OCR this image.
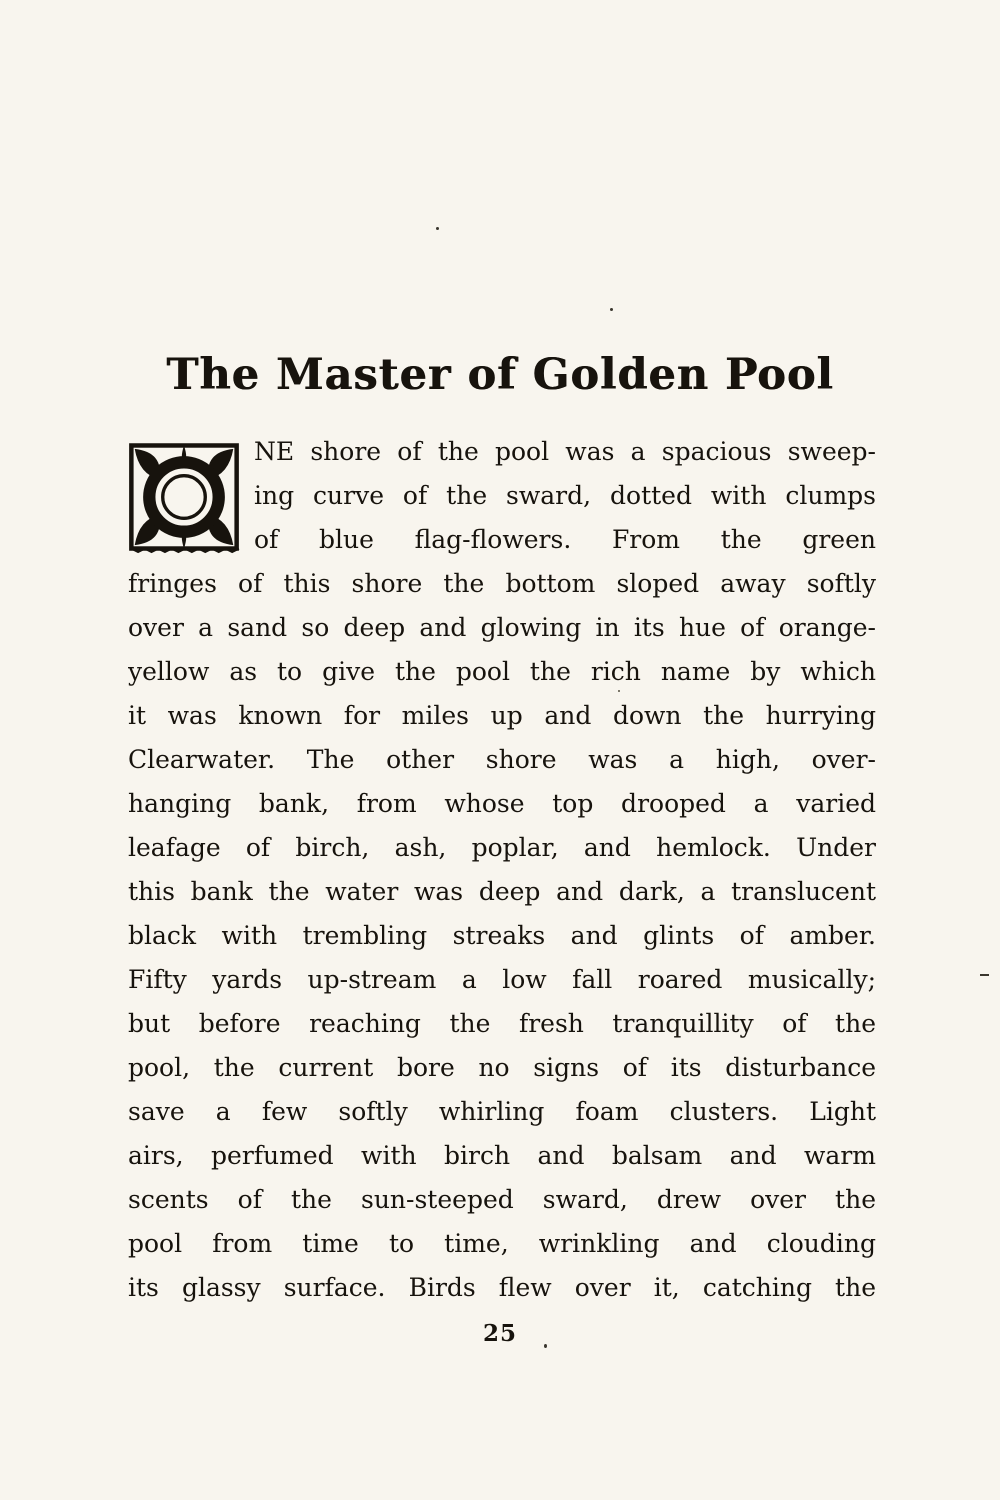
The Master of Golden Pool
NE shore of the pool was a spacious sweep-
ing curve of the sward, dotted with clumps
of blue flag-flowers. From the green
fringes of this shore the bottom sloped away softly
over a sand so deep and glowing in its hue of orange-
yellow as to give the pool the rich name by which
it was known for miles up and down the hurrying
Clearwater. The other shore was a high, over-
hanging bank, from whose top drooped a varied
leafage of birch, ash, poplar, and hemlock. Under
this bank the water was deep and dark, a translucent
black with trembling streaks and glints of amber.
Fifty yards up-stream a low fall roared musically;
but before reaching the fresh tranquillity of the
pool, the current bore no signs of its disturbance
save a few softly whirling foam clusters. Light
airs, perfumed with birch and balsam and warm
scents of the sun-steeped sward, drew over the
pool from time to time, wrinkling and clouding
its glassy surface. Birds flew over it, catching the
25
